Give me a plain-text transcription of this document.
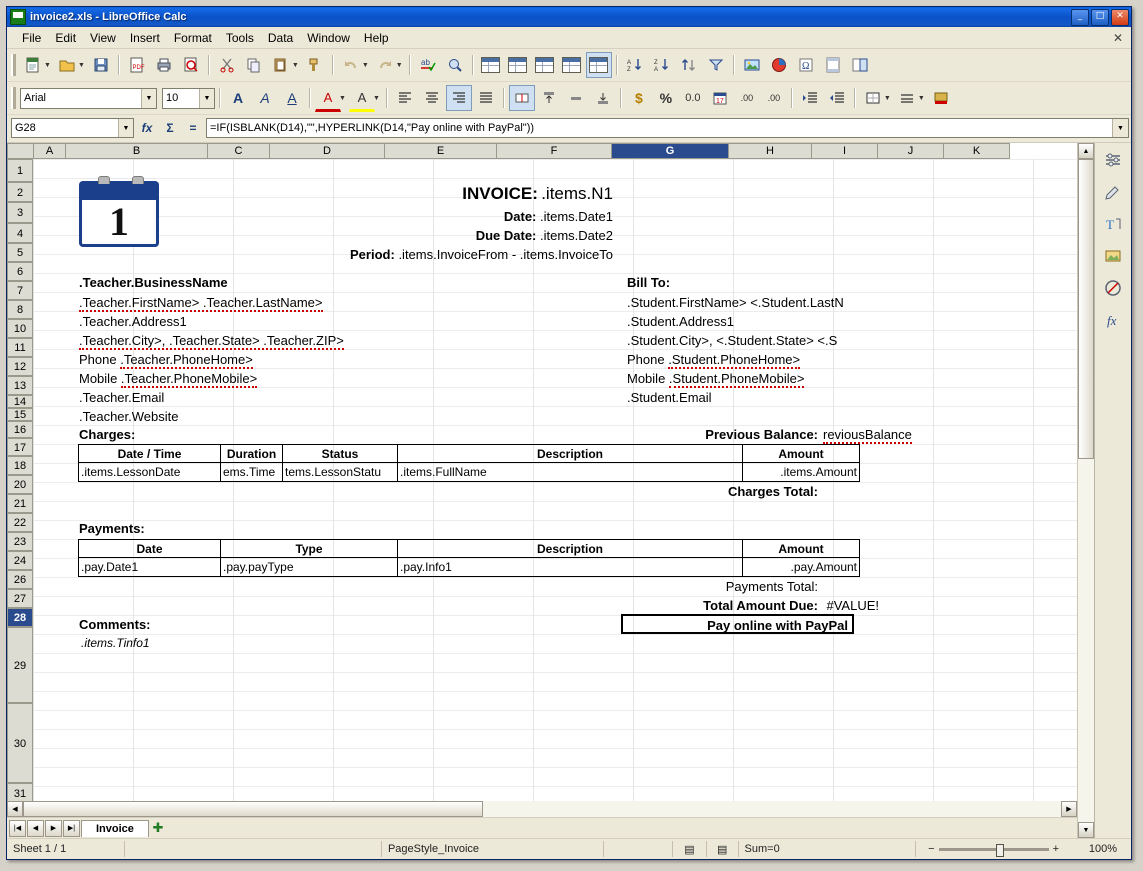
invoice2.xls - LibreOffice Calc	_	□	✕
File	Edit	View	Insert	Format	Tools	Data	Window	Help	✕
▼	▼	PDF	▼	▼	▼ ab	A
Z
Z
A	Ω
Arial	▼	10	▼	A	A	A	A ▼ A ▼	$	%	0.0	17	.00	.00	▼	▼
G28	▼	fx	Σ	=	=IF(ISBLANK(D14),"",HYPERLINK(D14,"Pay online with PayPal"))	▼
	A	B	C	D	E	F	G	H	I	J	K
1
2
3
4
5
6
7
8
10
11
12
13
14
15
16
17
18
20
21
22
23
24
26
27
28
29
30
31
1
INVOICE: .items.N1
Date: .items.Date1
Due Date: .items.Date2
Period: .items.InvoiceFrom - .items.InvoiceTo
.Teacher.BusinessName
.Teacher.FirstName> .Teacher.LastName>
.Teacher.Address1
.Teacher.City>, .Teacher.State> .Teacher.ZIP>
Phone .Teacher.PhoneHome>
Mobile .Teacher.PhoneMobile>
.Teacher.Email
.Teacher.Website
Bill To:
.Student.FirstName> <.Student.LastN
.Student.Address1
.Student.City>, <.Student.State> <.S
Phone .Student.PhoneHome>
Mobile .Student.PhoneMobile>
.Student.Email
Charges:	Previous Balance: reviousBalance
Date / Time	Duration	Status	Description	Amount
.items.LessonDate	ems.Time	tems.LessonStatu	.items.FullName	.items.Amount
Charges Total:
Payments:
Date	Type	Description	Amount
.pay.Date1	.pay.payType	.pay.Info1	.pay.Amount
Payments Total:
Total Amount Due: #VALUE!
Comments:
.items.Tinfo1
Pay online with PayPal
◀	▶
|◀	◀	▶	▶|	Invoice	✚
▲
▼
T
fx
Sheet 1 / 1	PageStyle_Invoice	▤	▤	Sum=0	−	+	100%
